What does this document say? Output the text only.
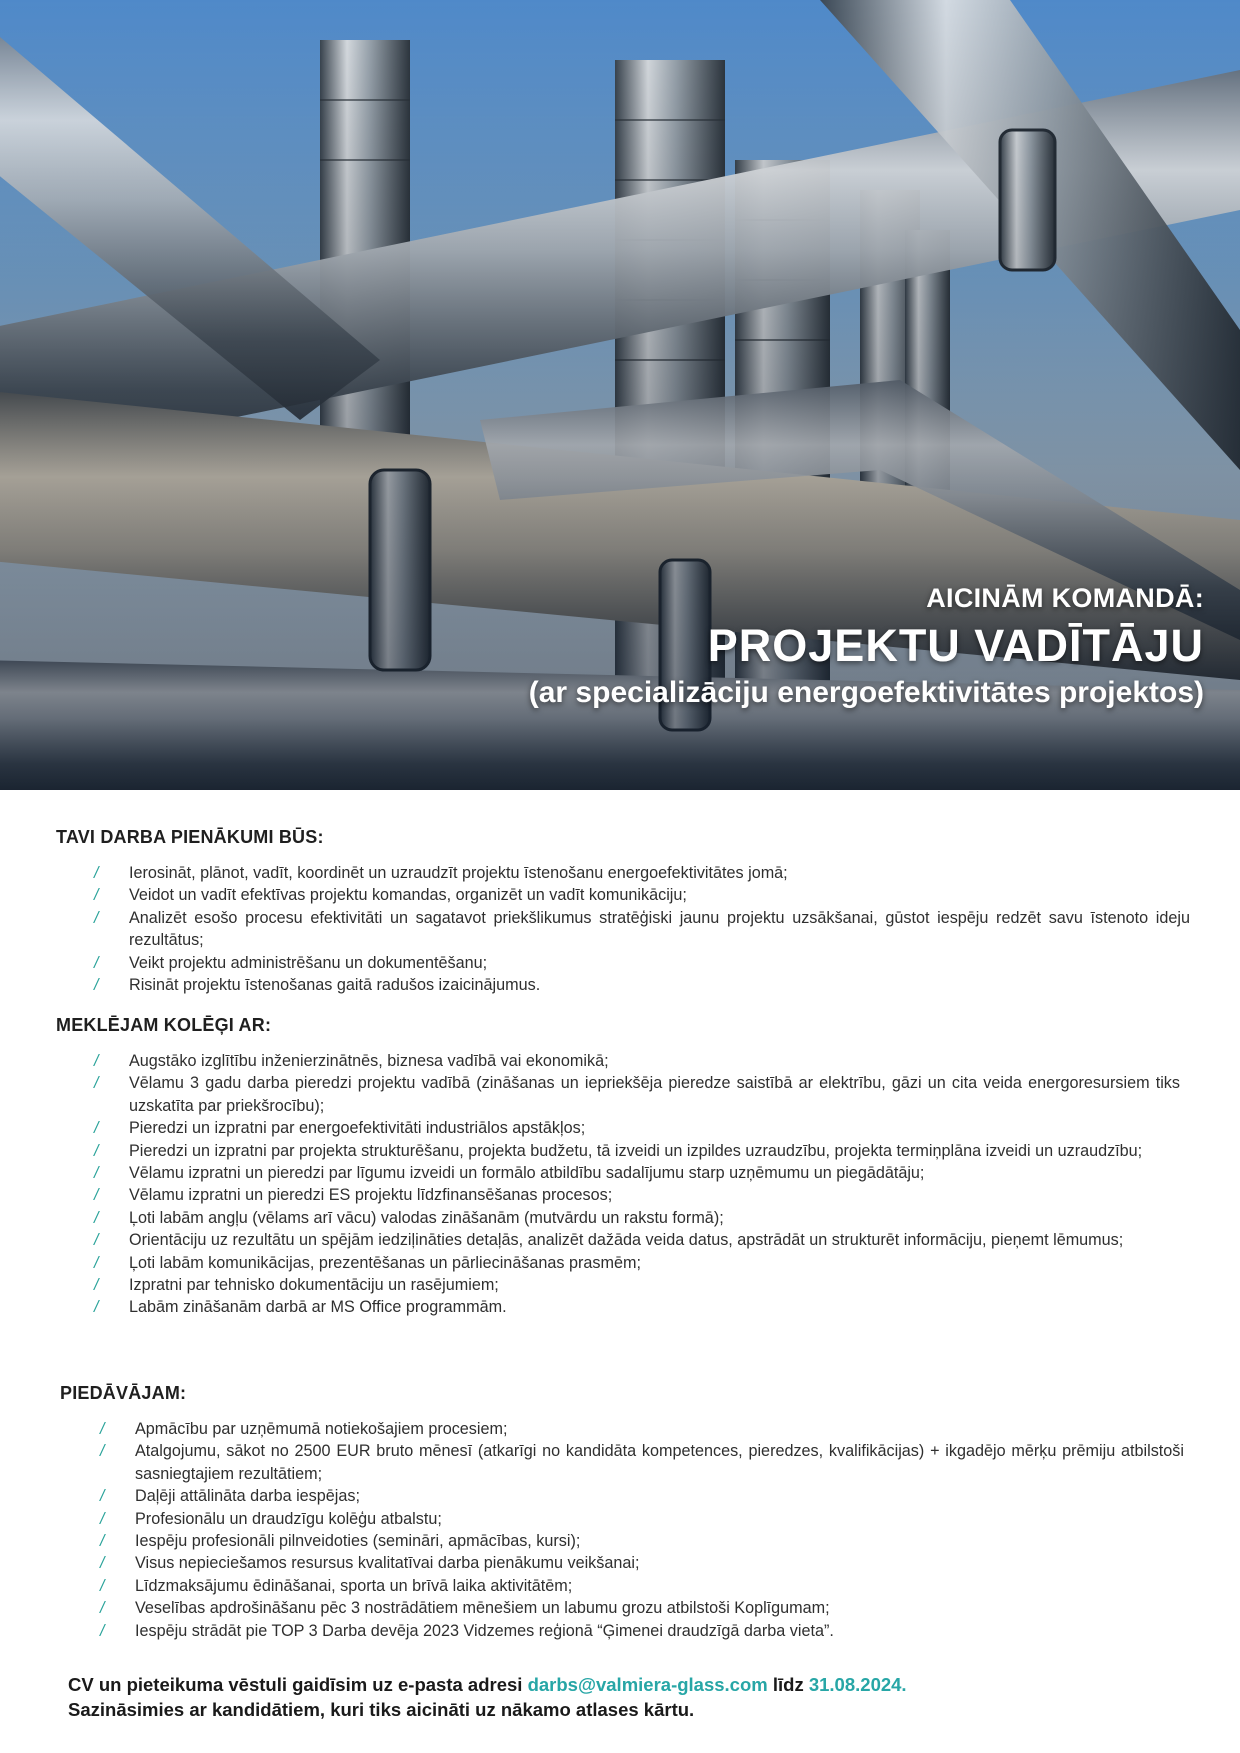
AICINĀM KOMANDĀ:
PROJEKTU VADĪTĀJU
(ar specializāciju energoefektivitātes projektos)
TAVI DARBA PIENĀKUMI BŪS:
/ Ierosināt, plānot, vadīt, koordinēt un uzraudzīt projektu īstenošanu energoefektivitātes jomā;
/ Veidot un vadīt efektīvas projektu komandas, organizēt un vadīt komunikāciju;
/ Analizēt esošo procesu efektivitāti un sagatavot priekšlikumus stratēģiski jaunu projektu uzsākšanai, gūstot iespēju redzēt savu īstenoto ideju rezultātus;
/ Veikt projektu administrēšanu un dokumentēšanu;
/ Risināt projektu īstenošanas gaitā radušos izaicinājumus.
MEKLĒJAM KOLĒĢI AR:
/ Augstāko izglītību inženierzinātnēs, biznesa vadībā vai ekonomikā;
/ Vēlamu 3 gadu darba pieredzi projektu vadībā (zināšanas un iepriekšēja pieredze saistībā ar elektrību, gāzi un cita veida energoresursiem tiks uzskatīta par priekšrocību);
/ Pieredzi un izpratni par energoefektivitāti industriālos apstākļos;
/ Pieredzi un izpratni par projekta strukturēšanu, projekta budžetu, tā izveidi un izpildes uzraudzību, projekta termiņplāna izveidi un uzraudzību;
/ Vēlamu izpratni un pieredzi par līgumu izveidi un formālo atbildību sadalījumu starp uzņēmumu un piegādātāju;
/ Vēlamu izpratni un pieredzi ES projektu līdzfinansēšanas procesos;
/ Ļoti labām angļu (vēlams arī vācu) valodas zināšanām (mutvārdu un rakstu formā);
/ Orientāciju uz rezultātu un spējām iedziļināties detaļās, analizēt dažāda veida datus, apstrādāt un strukturēt informāciju, pieņemt lēmumus;
/ Ļoti labām komunikācijas, prezentēšanas un pārliecināšanas prasmēm;
/ Izpratni par tehnisko dokumentāciju un rasējumiem;
/ Labām zināšanām darbā ar MS Office programmām.
PIEDĀVĀJAM:
/ Apmācību par uzņēmumā notiekošajiem procesiem;
/ Atalgojumu, sākot no 2500 EUR bruto mēnesī (atkarīgi no kandidāta kompetences, pieredzes, kvalifikācijas) + ikgadējo mērķu prēmiju atbilstoši sasniegtajiem rezultātiem;
/ Daļēji attālināta darba iespējas;
/ Profesionālu un draudzīgu kolēģu atbalstu;
/ Iespēju profesionāli pilnveidoties (semināri, apmācības, kursi);
/ Visus nepieciešamos resursus kvalitatīvai darba pienākumu veikšanai;
/ Līdzmaksājumu ēdināšanai, sporta un brīvā laika aktivitātēm;
/ Veselības apdrošināšanu pēc 3 nostrādātiem mēnešiem un labumu grozu atbilstoši Koplīgumam;
/ Iespēju strādāt pie TOP 3 Darba devēja 2023 Vidzemes reģionā “Ģimenei draudzīgā darba vieta”.
CV un pieteikuma vēstuli gaidīsim uz e-pasta adresi darbs@valmiera-glass.com līdz 31.08.2024.
Sazināsimies ar kandidātiem, kuri tiks aicināti uz nākamo atlases kārtu.
